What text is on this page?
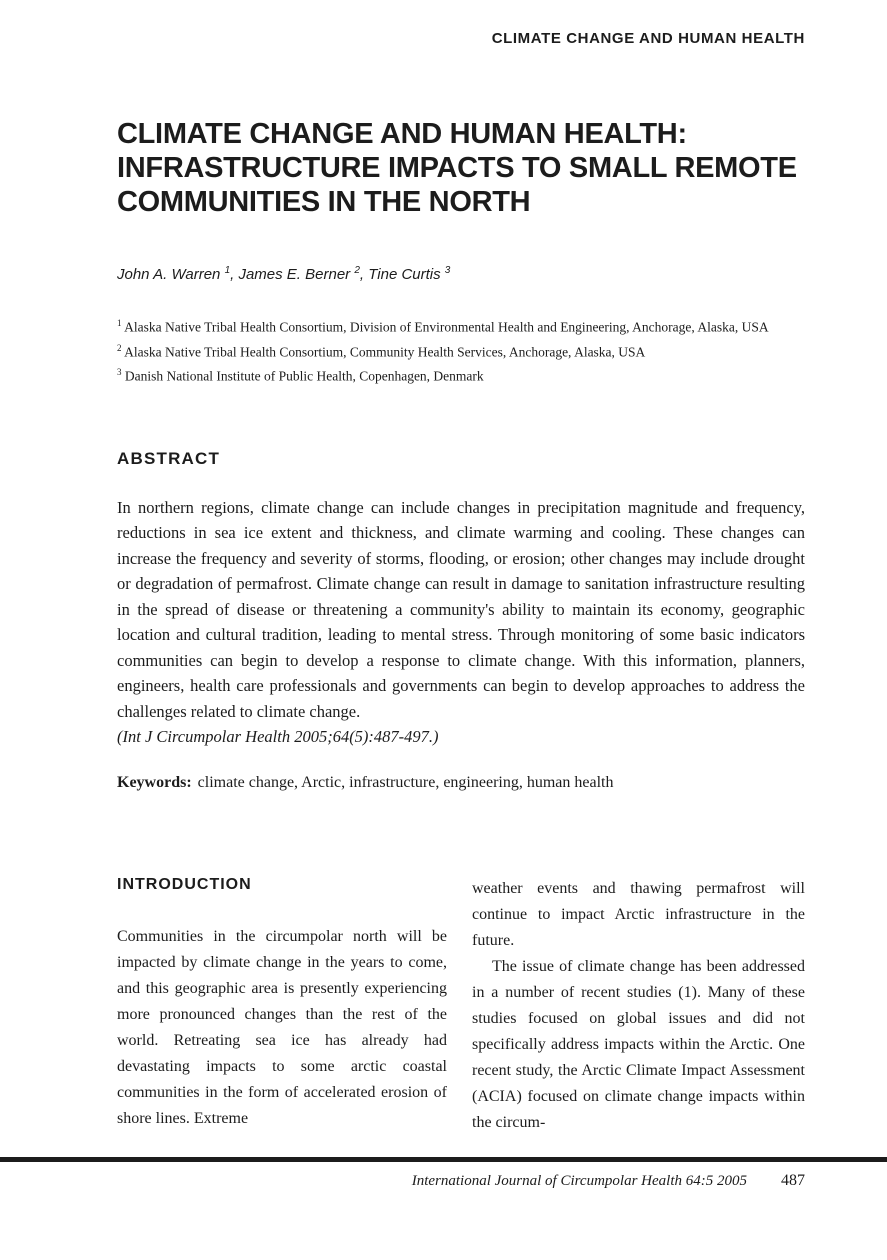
CLIMATE CHANGE AND HUMAN HEALTH
CLIMATE CHANGE AND HUMAN HEALTH:
INFRASTRUCTURE IMPACTS TO SMALL REMOTE
COMMUNITIES IN THE NORTH
John A. Warren $^1$, James E. Berner $^2$, Tine Curtis $^3$
$^1$ Alaska Native Tribal Health Consortium, Division of Environmental Health and Engineering, Anchorage, Alaska, USA
$^2$ Alaska Native Tribal Health Consortium, Community Health Services, Anchorage, Alaska, USA
$^3$ Danish National Institute of Public Health, Copenhagen, Denmark
ABSTRACT
In northern regions, climate change can include changes in precipitation magnitude and frequency, reductions in sea ice extent and thickness, and climate warming and cooling. These changes can increase the frequency and severity of storms, flooding, or erosion; other changes may include drought or degradation of permafrost. Climate change can result in damage to sanitation infrastructure resulting in the spread of disease or threatening a community's ability to maintain its economy, geographic location and cultural tradition, leading to mental stress. Through monitoring of some basic indicators communities can begin to develop a response to climate change. With this information, planners, engineers, health care professionals and governments can begin to develop approaches to address the challenges related to climate change.
(Int J Circumpolar Health 2005;64(5):487-497.)
Keywords: climate change, Arctic, infrastructure, engineering, human health
INTRODUCTION

Communities in the circumpolar north will be impacted by climate change in the years to come, and this geographic area is presently experiencing more pronounced changes than the rest of the world. Retreating sea ice has already had devastating impacts to some arctic coastal communities in the form of accelerated erosion of shore lines. Extreme

weather events and thawing permafrost will continue to impact Arctic infrastructure in the future.

The issue of climate change has been addressed in a number of recent studies (1). Many of these studies focused on global issues and did not specifically address impacts within the Arctic. One recent study, the Arctic Climate Impact Assessment (ACIA) focused on climate change impacts within the circum-

International Journal of Circumpolar Health 64:5 2005 487
